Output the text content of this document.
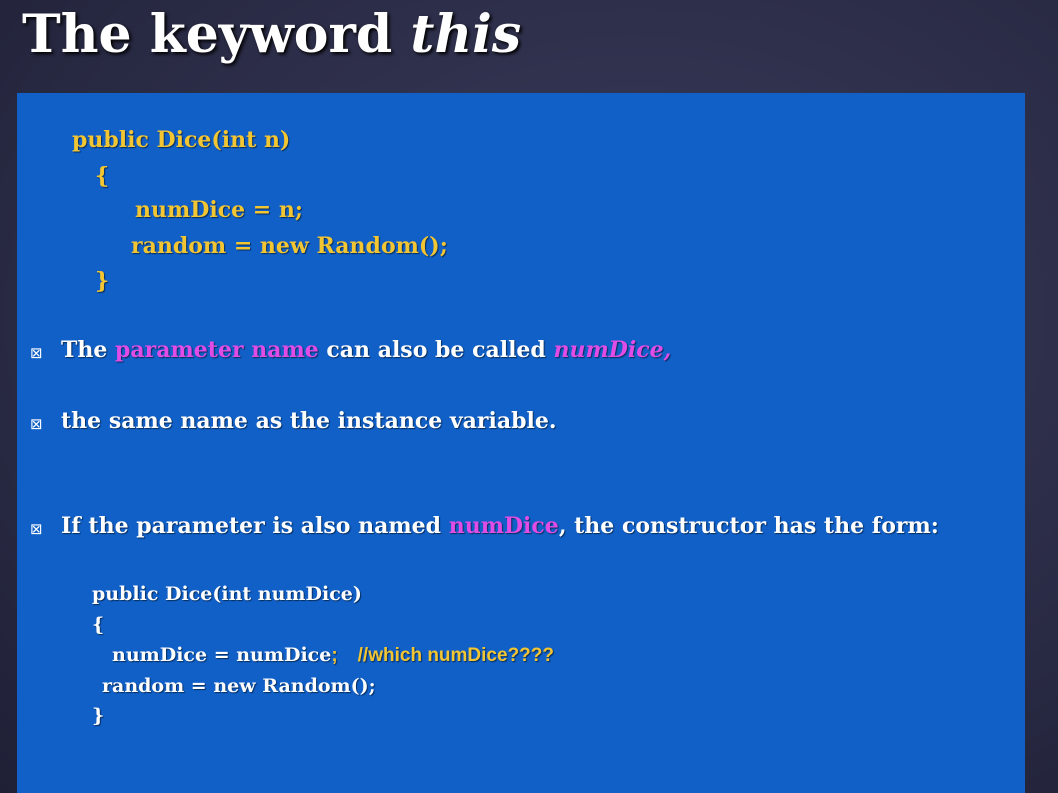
The keyword this
public Dice(int n)
{
numDice = n;
random = new Random();
}
⊠ The parameter name can also be called numDice,
⊠ the same name as the instance variable.
⊠ If the parameter is also named numDice, the constructor has the form:
public Dice(int numDice)
{
numDice = numDice; //which numDice????
random = new Random();
}
